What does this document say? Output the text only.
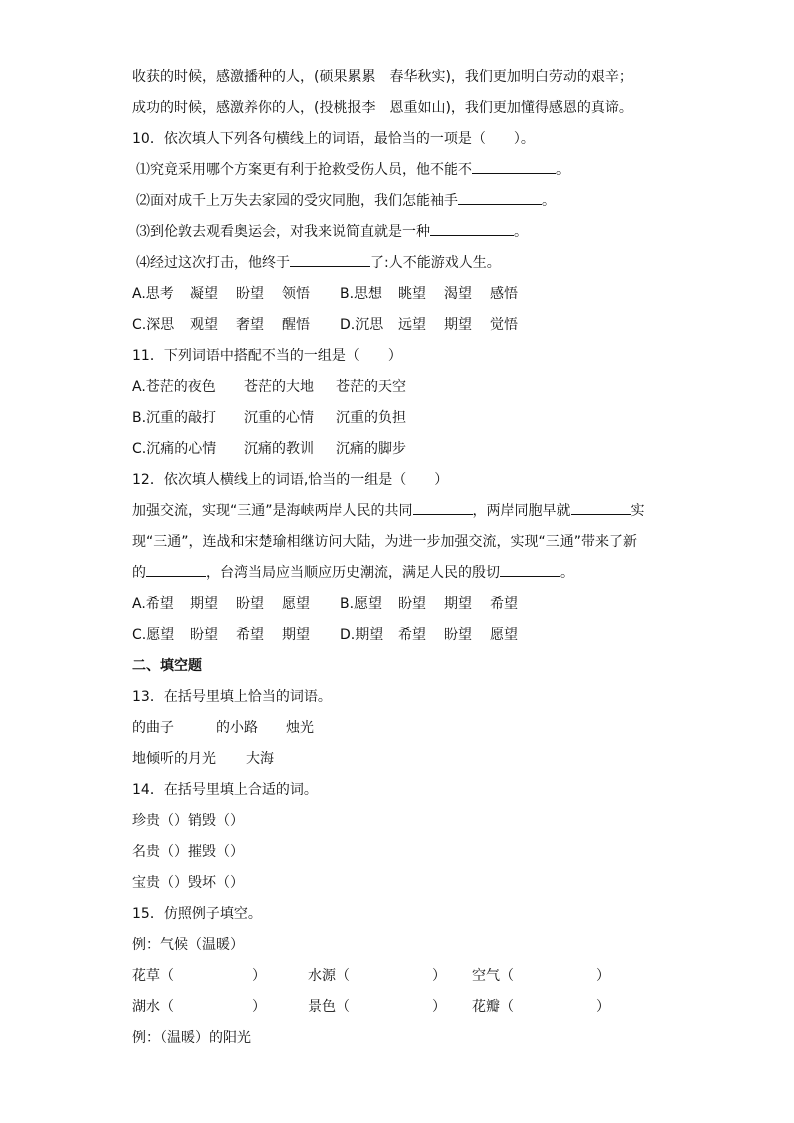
收获的时候，感激播种的人，(硕果累累　春华秋实)，我们更加明白劳动的艰辛；
成功的时候，感激养你的人，(投桃报李　恩重如山)，我们更加懂得感恩的真谛。
10．依次填人下列各句横线上的词语，最恰当的一项是（　　）。
⑴究竟采用哪个方案更有利于抢救受伤人员，他不能不	。
⑵面对成千上万失去家园的受灾同胞，我们怎能袖手	。
⑶到伦敦去观看奥运会，对我来说简直就是一种	。
⑷经过这次打击，他终于	了:人不能游戏人生。
A.思考 凝望 盼望 领悟 B.思想 眺望 渴望 感悟
C.深思 观望 奢望 醒悟 D.沉思 远望 期望 觉悟
11．下列词语中搭配不当的一组是（　　）
A.苍茫的夜色 苍茫的大地 苍茫的天空
B.沉重的敲打 沉重的心情 沉重的负担
C.沉痛的心情 沉痛的教训 沉痛的脚步
12．依次填人横线上的词语,恰当的一组是（　　）
加强交流，实现“三通”是海峡两岸人民的共同	，两岸同胞早就	实
现“三通”，连战和宋楚瑜相继访问大陆，为进一步加强交流，实现“三通”带来了新
的	，台湾当局应当顺应历史潮流，满足人民的殷切	。
A.希望 期望 盼望 愿望 B.愿望 盼望 期望 希望
C.愿望 盼望 希望 期望 D.期望 希望 盼望 愿望
二、填空题
13．在括号里填上恰当的词语。
的曲子	的小路 烛光
地倾听的月光 大海
14．在括号里填上合适的词。
珍贵（）销毁（）
名贵（）摧毁（）
宝贵（）毁坏（）
15．仿照例子填空。
例：气候（温暖）
花草（	）	水源（	） 空气（	）
湖水（	）	景色（	） 花瓣（	）
例：（温暖）的阳光
